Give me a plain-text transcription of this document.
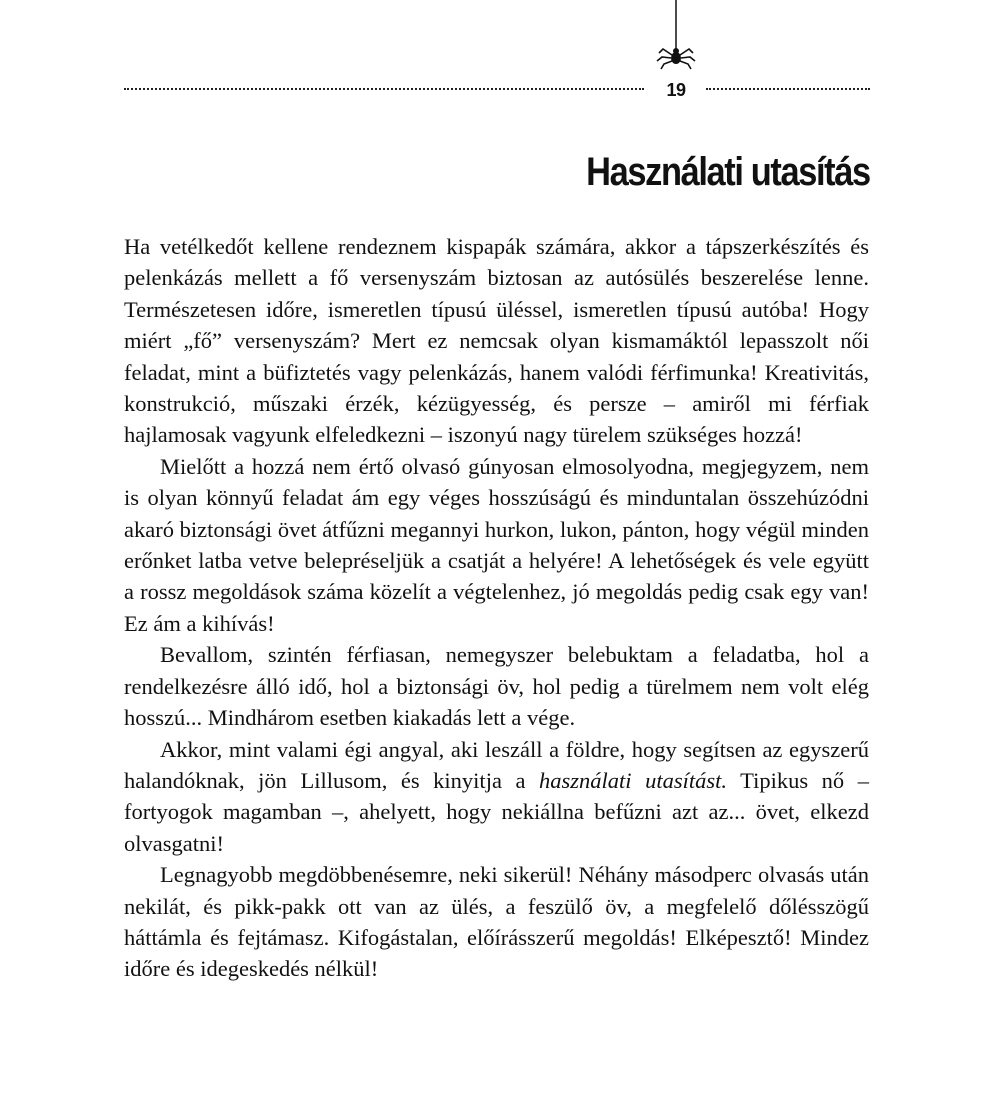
19
Használati utasítás

Ha vetélkedőt kellene rendeznem kispapák számára, akkor a tápszerkészítés és pelenkázás mellett a fő versenyszám biztosan az autósülés beszerelése lenne. Természetesen időre, ismeretlen típusú üléssel, ismeretlen típusú autóba! Hogy miért „fő” versenyszám? Mert ez nemcsak olyan kismamáktól lepasszolt női feladat, mint a büfiztetés vagy pelenkázás, hanem valódi férfimunka! Kreativitás, konstrukció, műszaki érzék, kézügyesség, és persze – amiről mi férfiak hajlamosak vagyunk elfeledkezni – iszonyú nagy türelem szükséges hozzá!

Mielőtt a hozzá nem értő olvasó gúnyosan elmosolyodna, megjegyzem, nem is olyan könnyű feladat ám egy véges hosszúságú és minduntalan összehúzódni akaró biztonsági övet átfűzni megannyi hurkon, lukon, pánton, hogy végül minden erőnket latba vetve belepréseljük a csatját a helyére! A lehetőségek és vele együtt a rossz megoldások száma közelít a végtelenhez, jó megoldás pedig csak egy van! Ez ám a kihívás!

Bevallom, szintén férfiasan, nemegyszer belebuktam a feladatba, hol a rendelkezésre álló idő, hol a biztonsági öv, hol pedig a türelmem nem volt elég hosszú... Mindhárom esetben kiakadás lett a vége.

Akkor, mint valami égi angyal, aki leszáll a földre, hogy segítsen az egyszerű halandóknak, jön Lillusom, és kinyitja a használati utasítást. Tipikus nő – fortyogok magamban –, ahelyett, hogy nekiállna befűzni azt az... övet, elkezd olvasgatni!

Legnagyobb megdöbbenésemre, neki sikerül! Néhány másodperc olvasás után nekilát, és pikk-pakk ott van az ülés, a feszülő öv, a megfelelő dőlésszögű háttámla és fejtámasz. Kifogástalan, előírásszerű megoldás! Elképesztő! Mindez időre és idegeskedés nélkül!
